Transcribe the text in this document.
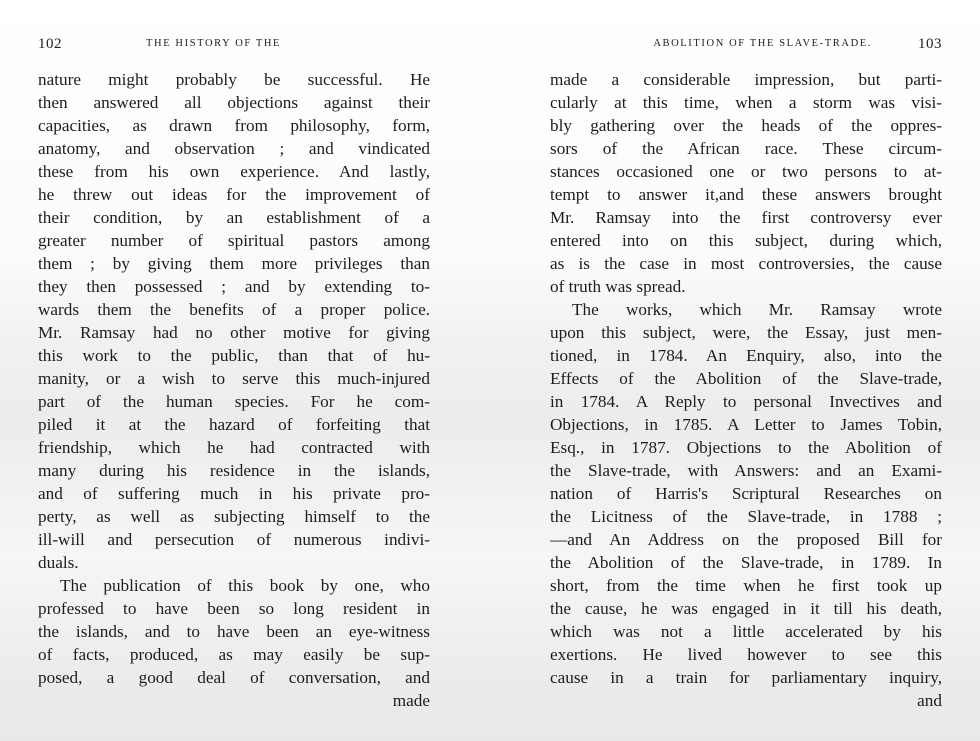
102	THE HISTORY OF THE
nature might probably be successful. He
then answered all objections against their
capacities, as drawn from philosophy, form,
anatomy, and observation ; and vindicated
these from his own experience. And lastly,
he threw out ideas for the improvement of
their condition, by an establishment of a
greater number of spiritual pastors among
them ; by giving them more privileges than
they then possessed ; and by extending to-
wards them the benefits of a proper police.
Mr. Ramsay had no other motive for giving
this work to the public, than that of hu-
manity, or a wish to serve this much-injured
part of the human species. For he com-
piled it at the hazard of forfeiting that
friendship, which he had contracted with
many during his residence in the islands,
and of suffering much in his private pro-
perty, as well as subjecting himself to the
ill-will and persecution of numerous indivi-
duals.
The publication of this book by one, who
professed to have been so long resident in
the islands, and to have been an eye-witness
of facts, produced, as may easily be sup-
posed, a good deal of conversation, and
made
ABOLITION OF THE SLAVE-TRADE.	103
made a considerable impression, but parti-
cularly at this time, when a storm was visi-
bly gathering over the heads of the oppres-
sors of the African race. These circum-
stances occasioned one or two persons to at-
tempt to answer it,and these answers brought
Mr. Ramsay into the first controversy ever
entered into on this subject, during which,
as is the case in most controversies, the cause
of truth was spread.
The works, which Mr. Ramsay wrote
upon this subject, were, the Essay, just men-
tioned, in 1784. An Enquiry, also, into the
Effects of the Abolition of the Slave-trade,
in 1784. A Reply to personal Invectives and
Objections, in 1785. A Letter to James Tobin,
Esq., in 1787. Objections to the Abolition of
the Slave-trade, with Answers: and an Exami-
nation of Harris's Scriptural Researches on
the Licitness of the Slave-trade, in 1788 ;
—and An Address on the proposed Bill for
the Abolition of the Slave-trade, in 1789. In
short, from the time when he first took up
the cause, he was engaged in it till his death,
which was not a little accelerated by his
exertions. He lived however to see this
cause in a train for parliamentary inquiry,
and
